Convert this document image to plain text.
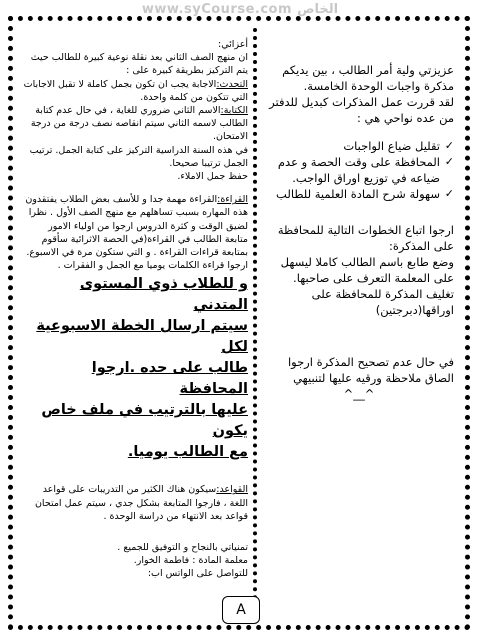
www.syCourse.com ﺍﻟﺨﺎﺹ

عزيزتي ولية أمر الطالب ، بين يديكم مذكرة واجبات الوحدة الخامسة.

لقد قررت عمل المذكرات كبديل للدفتر من عده نواحي هي :

✓
تقليل ضياع الواجبات
✓
المحافظة على وقت الحصة و عدم ضياعه في توزيع اوراق الواجب.
✓
سهولة شرح المادة العلمية للطالب

ارجوا اتباع الخطوات التالية للمحافظة على المذكرة:

وضع طابع باسم الطالب كاملا ليسهل على المعلمة التعرف على صاحبها.

تغليف المذكرة للمحافظة على اوراقها(دبرجتين)

في حال عدم تصحيح المذكرة ارجوا الصاق ملاحظة ورقيه عليها لتنبيهي

^__^

أعزائي:

ان منهج الصف الثاني بعد نقلة نوعية كبيرة للطالب حيث يتم التركيز بطريقة كبيرة على :

التحدث:الاجابة يجب ان تكون بجمل كاملة لا تقبل الاجابات التي تتكون من كلمة واحدة.

الكتابة:الاسم الثاني ضروري للغاية ، في حال عدم كتابة الطالب لاسمه الثاني سيتم انقاصه نصف درجة من درجة الامتحان.

في هذه السنة الدراسية التركيز على كتابة الجمل. ترتيب الجمل ترتيبا صحيحا.

حفظ جمل الاملاء.

القراءة:القراءة مهمة جدا و للأسف بعض الطلاب يفتقدون هذه المهاره بسبب تساهلهم مع منهج الصف الأول . نظرا لضيق الوقت و كثرة الدروس ارجوا من اولياء الامور متابعة الطالب في القراءة(في الحصة الاثرائية سأقوم بمتابعة قراءات القراءة . و التي ستكون مرة في الاسبوع. ارجوا قراءة الكلمات يوميا مع الجمل و الفقرات .

و للطلاب ذوي المستوى المتدني
سيتم ارسال الخطة الاسبوعية لكل
طالب على حده .ارجوا المحافظة
عليها بالترتيب في ملف خاص يكون
مع الطالب يوميا.

القواعد:سيكون هناك الكثير من التدريبات على قواعد اللغة ، فارجوا المتابعة بشكل جدي ، سيتم عمل امتحان قواعد بعد الانتهاء من دراسة الوحدة .

تمنياتي بالنجاح و التوفيق للجميع .

معلمة المادة : فاطمة الخوار.

للتواصل على الواتس اب:

A
